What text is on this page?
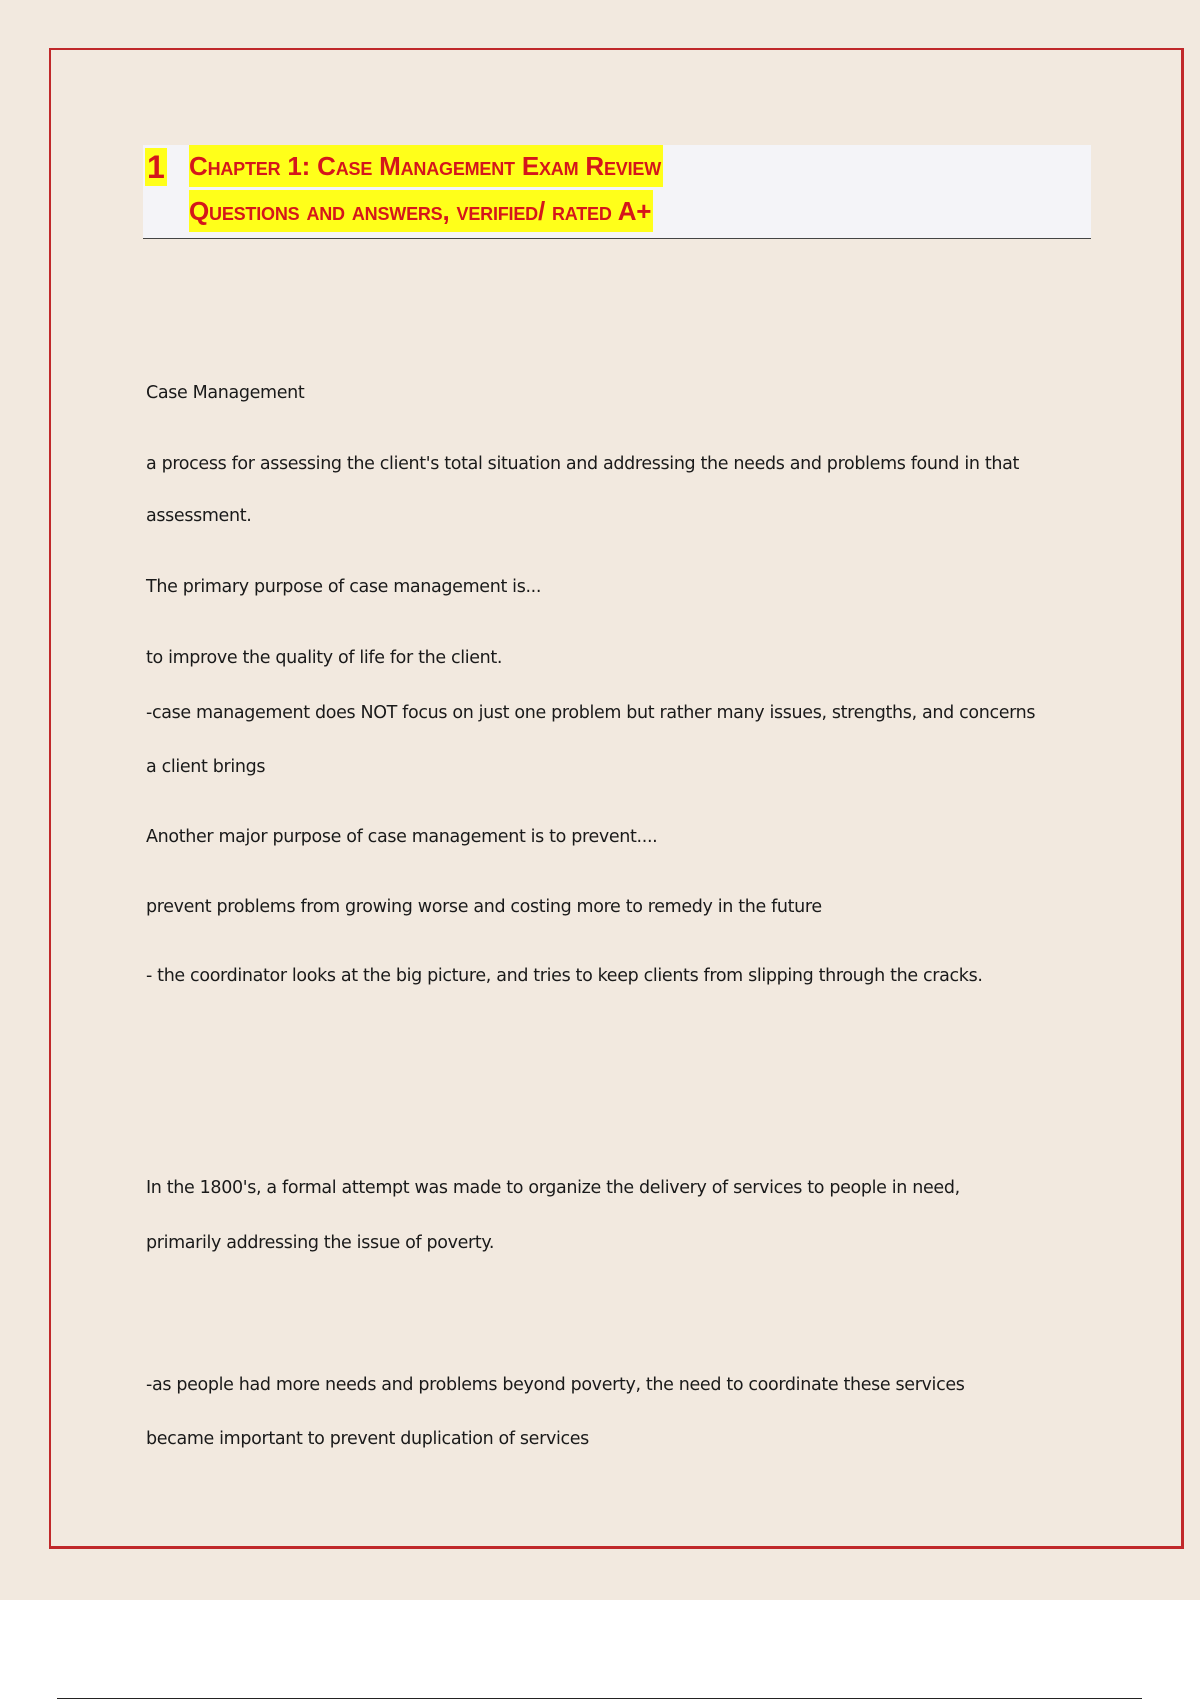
1 Chapter 1: Case Management Exam Review
Questions and answers, verified/ rated A+
Case Management
a process for assessing the client's total situation and addressing the needs and problems found in that
assessment.
The primary purpose of case management is...
to improve the quality of life for the client.
-case management does NOT focus on just one problem but rather many issues, strengths, and concerns
a client brings
Another major purpose of case management is to prevent....
prevent problems from growing worse and costing more to remedy in the future
- the coordinator looks at the big picture, and tries to keep clients from slipping through the cracks.
In the 1800's, a formal attempt was made to organize the delivery of services to people in need,
primarily addressing the issue of poverty.
-as people had more needs and problems beyond poverty, the need to coordinate these services
became important to prevent duplication of services
